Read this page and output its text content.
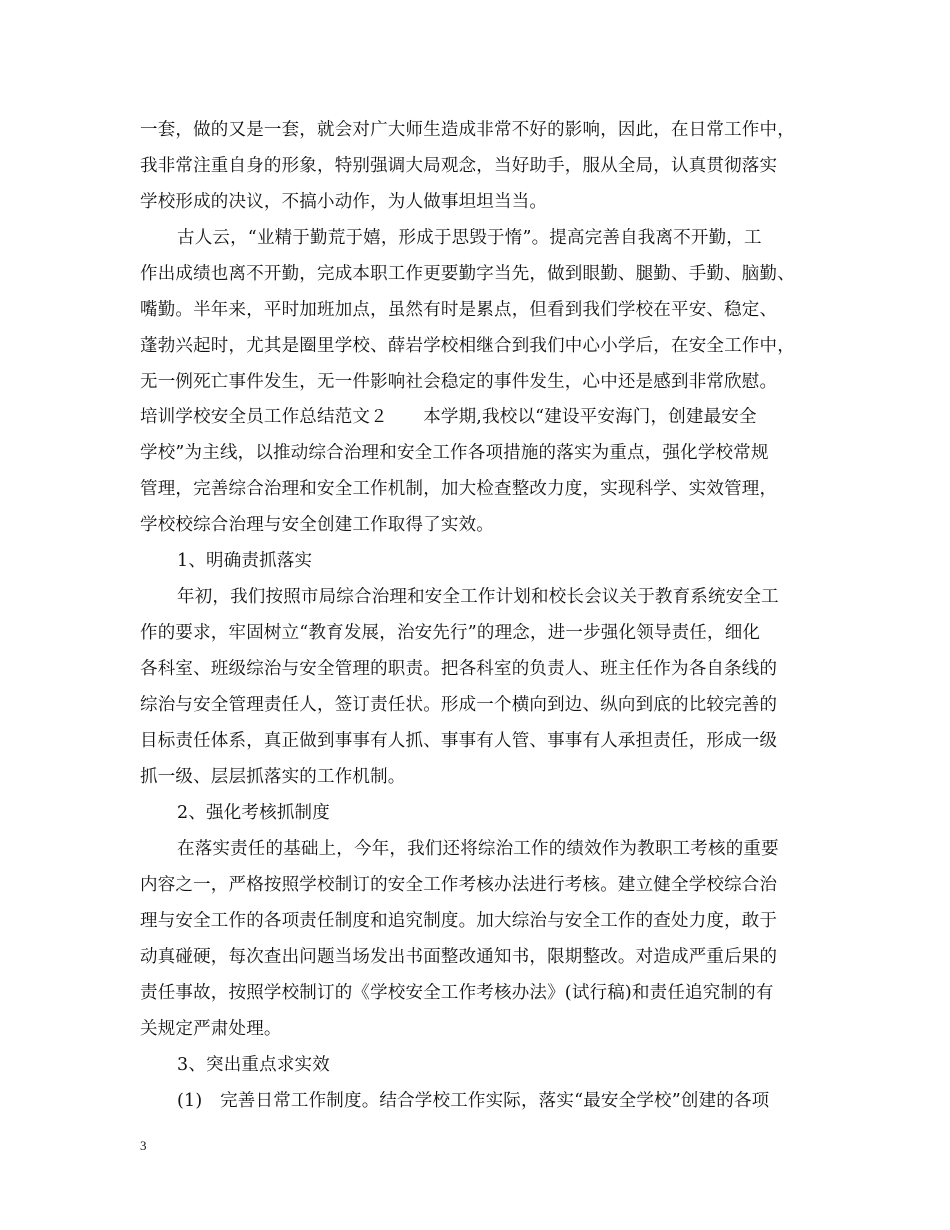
一套，做的又是一套，就会对广大师生造成非常不好的影响，因此，在日常工作中，
我非常注重自身的形象，特别强调大局观念，当好助手，服从全局，认真贯彻落实
学校形成的决议，不搞小动作，为人做事坦坦当当。
古人云，“业精于勤荒于嬉，形成于思毁于惰”。提高完善自我离不开勤，工
作出成绩也离不开勤，完成本职工作更要勤字当先，做到眼勤、腿勤、手勤、脑勤、
嘴勤。半年来，平时加班加点，虽然有时是累点，但看到我们学校在平安、稳定、
蓬勃兴起时，尤其是圈里学校、薛岩学校相继合到我们中心小学后，在安全工作中，
无一例死亡事件发生，无一件影响社会稳定的事件发生，心中还是感到非常欣慰。
培训学校安全员工作总结范文２　　本学期,我校以“建设平安海门，创建最安全
学校”为主线，以推动综合治理和安全工作各项措施的落实为重点，强化学校常规
管理，完善综合治理和安全工作机制，加大检查整改力度，实现科学、实效管理，
学校校综合治理与安全创建工作取得了实效。
1、明确责抓落实
年初，我们按照市局综合治理和安全工作计划和校长会议关于教育系统安全工
作的要求，牢固树立“教育发展，治安先行”的理念，进一步强化领导责任，细化
各科室、班级综治与安全管理的职责。把各科室的负责人、班主任作为各自条线的
综治与安全管理责任人，签订责任状。形成一个横向到边、纵向到底的比较完善的
目标责任体系，真正做到事事有人抓、事事有人管、事事有人承担责任，形成一级
抓一级、层层抓落实的工作机制。
2、强化考核抓制度
在落实责任的基础上，今年，我们还将综治工作的绩效作为教职工考核的重要
内容之一，严格按照学校制订的安全工作考核办法进行考核。建立健全学校综合治
理与安全工作的各项责任制度和追究制度。加大综治与安全工作的查处力度，敢于
动真碰硬，每次查出问题当场发出书面整改通知书，限期整改。对造成严重后果的
责任事故，按照学校制订的《学校安全工作考核办法》(试行稿)和责任追究制的有
关规定严肃处理。
3、突出重点求实效
(1)　完善日常工作制度。结合学校工作实际，落实“最安全学校”创建的各项
3
